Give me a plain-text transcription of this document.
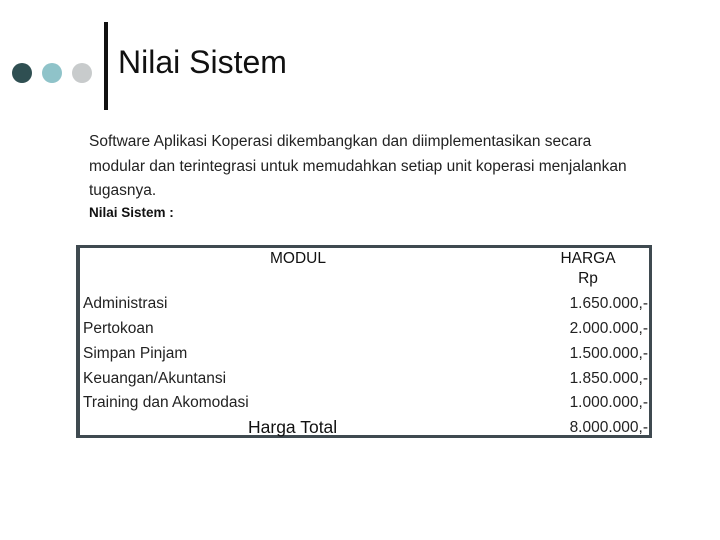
Nilai Sistem
Software Aplikasi Koperasi dikembangkan dan diimplementasikan secara modular dan terintegrasi untuk memudahkan setiap unit koperasi menjalankan tugasnya.
Nilai Sistem :
MODUL	HARGA
Rp
Administrasi	1.650.000,-
Pertokoan	2.000.000,-
Simpan Pinjam	1.500.000,-
Keuangan/Akuntansi	1.850.000,-
Training dan Akomodasi	1.000.000,-
Harga Total	8.000.000,-
